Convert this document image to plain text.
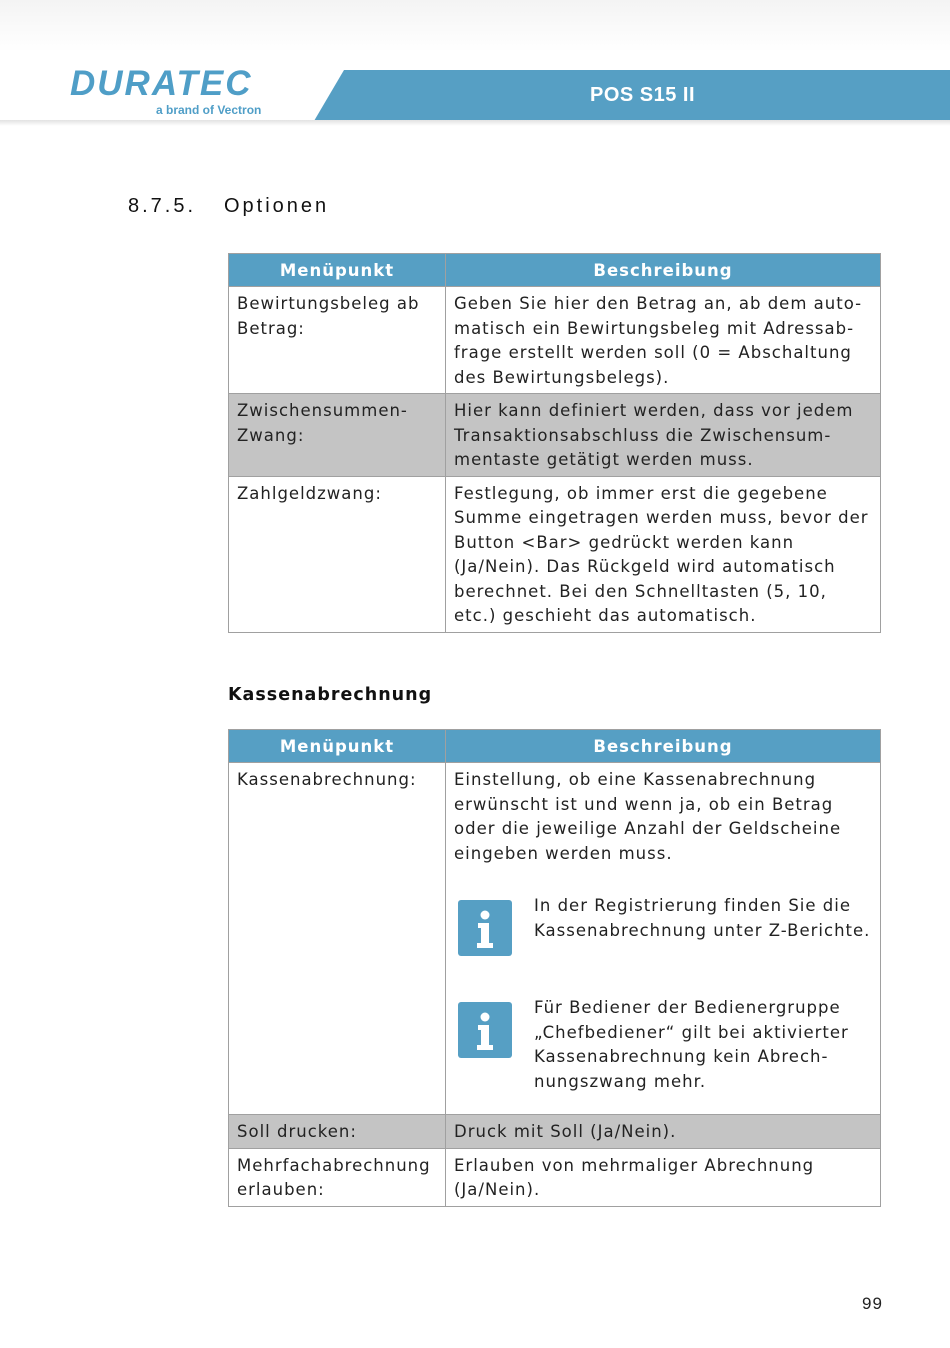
DURATEC
a brand of Vectron
POS S15 II
8.7.5. Optionen
Menüpunkt	Beschreibung
Bewirtungsbeleg ab Betrag:	Geben Sie hier den Betrag an, ab dem auto-matisch ein Bewirtungsbeleg mit Adressab-frage erstellt werden soll (0 = Abschaltung des Bewirtungsbelegs).
Zwischensummen-Zwang:	Hier kann definiert werden, dass vor jedem Transaktionsabschluss die Zwischensum-mentaste getätigt werden muss.
Zahlgeldzwang:	Festlegung, ob immer erst die gegebene Summe eingetragen werden muss, bevor der Button <Bar> gedrückt werden kann (Ja/Nein). Das Rückgeld wird automatisch berechnet. Bei den Schnelltasten (5, 10, etc.) geschieht das automatisch.
Kassenabrechnung
Menüpunkt	Beschreibung
Kassenabrechnung:	Einstellung, ob eine Kassenabrechnung erwünscht ist und wenn ja, ob ein Betrag oder die jeweilige Anzahl der Geldscheine eingeben werden muss.
In der Registrierung finden Sie die Kassenabrechnung unter Z-Berichte.
Für Bediener der Bedienergruppe „Chefbediener“ gilt bei aktivierter Kassenabrechnung kein Abrech-nungszwang mehr.

Soll drucken:	Druck mit Soll (Ja/Nein).
Mehrfachabrechnung erlauben:	Erlauben von mehrmaliger Abrechnung (Ja/Nein).
99
